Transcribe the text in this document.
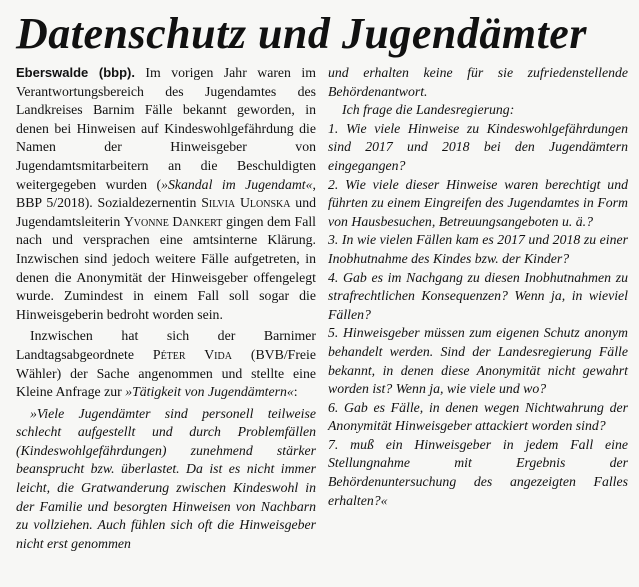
Datenschutz und Jugendämter

Eberswalde (bbp). Im vorigen Jahr waren im Verantwortungsbereich des Jugendamtes des Landkreises Barnim Fälle bekannt geworden, in denen bei Hinweisen auf Kindeswohlgefährdung die Namen der Hinweisgeber von Jugendamtsmitarbeitern an die Beschuldigten weitergegeben wurden (»Skandal im Jugendamt«, BBP 5/2018). Sozialdezernentin Silvia Ulonska und Jugendamtsleiterin Yvonne Dankert gingen dem Fall nach und versprachen eine amtsinterne Klärung. Inzwischen sind jedoch weitere Fälle aufgetreten, in denen die Anonymität der Hinweisgeber offengelegt wurde. Zumindest in einem Fall soll sogar die Hinweisgeberin bedroht worden sein.

Inzwischen hat sich der Barnimer Landtagsabgeordnete Péter Vida (BVB/Freie Wähler) der Sache angenommen und stellte eine Kleine Anfrage zur »Tätigkeit von Jugendämtern«:

»Viele Jugendämter sind personell teilweise schlecht aufgestellt und durch Problemfällen (Kindeswohlgefährdungen) zunehmend stärker beansprucht bzw. überlastet. Da ist es nicht immer leicht, die Gratwanderung zwischen Kindeswohl in der Familie und besorgten Hinweisen von Nachbarn zu vollziehen. Auch fühlen sich oft die Hinweisgeber nicht erst genommen

und erhalten keine für sie zufriedenstellende Behördenantwort.

Ich frage die Landesregierung:

1. Wie viele Hinweise zu Kindeswohlgefährdungen sind 2017 und 2018 bei den Jugendämtern eingegangen?

2. Wie viele dieser Hinweise waren berechtigt und führten zu einem Eingreifen des Jugendamtes in Form von Hausbesuchen, Betreuungsangeboten u. ä.?

3. In wie vielen Fällen kam es 2017 und 2018 zu einer Inobhutnahme des Kindes bzw. der Kinder?

4. Gab es im Nachgang zu diesen Inobhutnahmen zu strafrechtlichen Konsequenzen? Wenn ja, in wieviel Fällen?

5. Hinweisgeber müssen zum eigenen Schutz anonym behandelt werden. Sind der Landesregierung Fälle bekannt, in denen diese Anonymität nicht gewahrt worden ist? Wenn ja, wie viele und wo?

6. Gab es Fälle, in denen wegen Nichtwahrung der Anonymität Hinweisgeber attackiert worden sind?

7. muß ein Hinweisgeber in jedem Fall eine Stellungnahme mit Ergebnis der Behördenuntersuchung des angezeigten Falles erhalten?«
